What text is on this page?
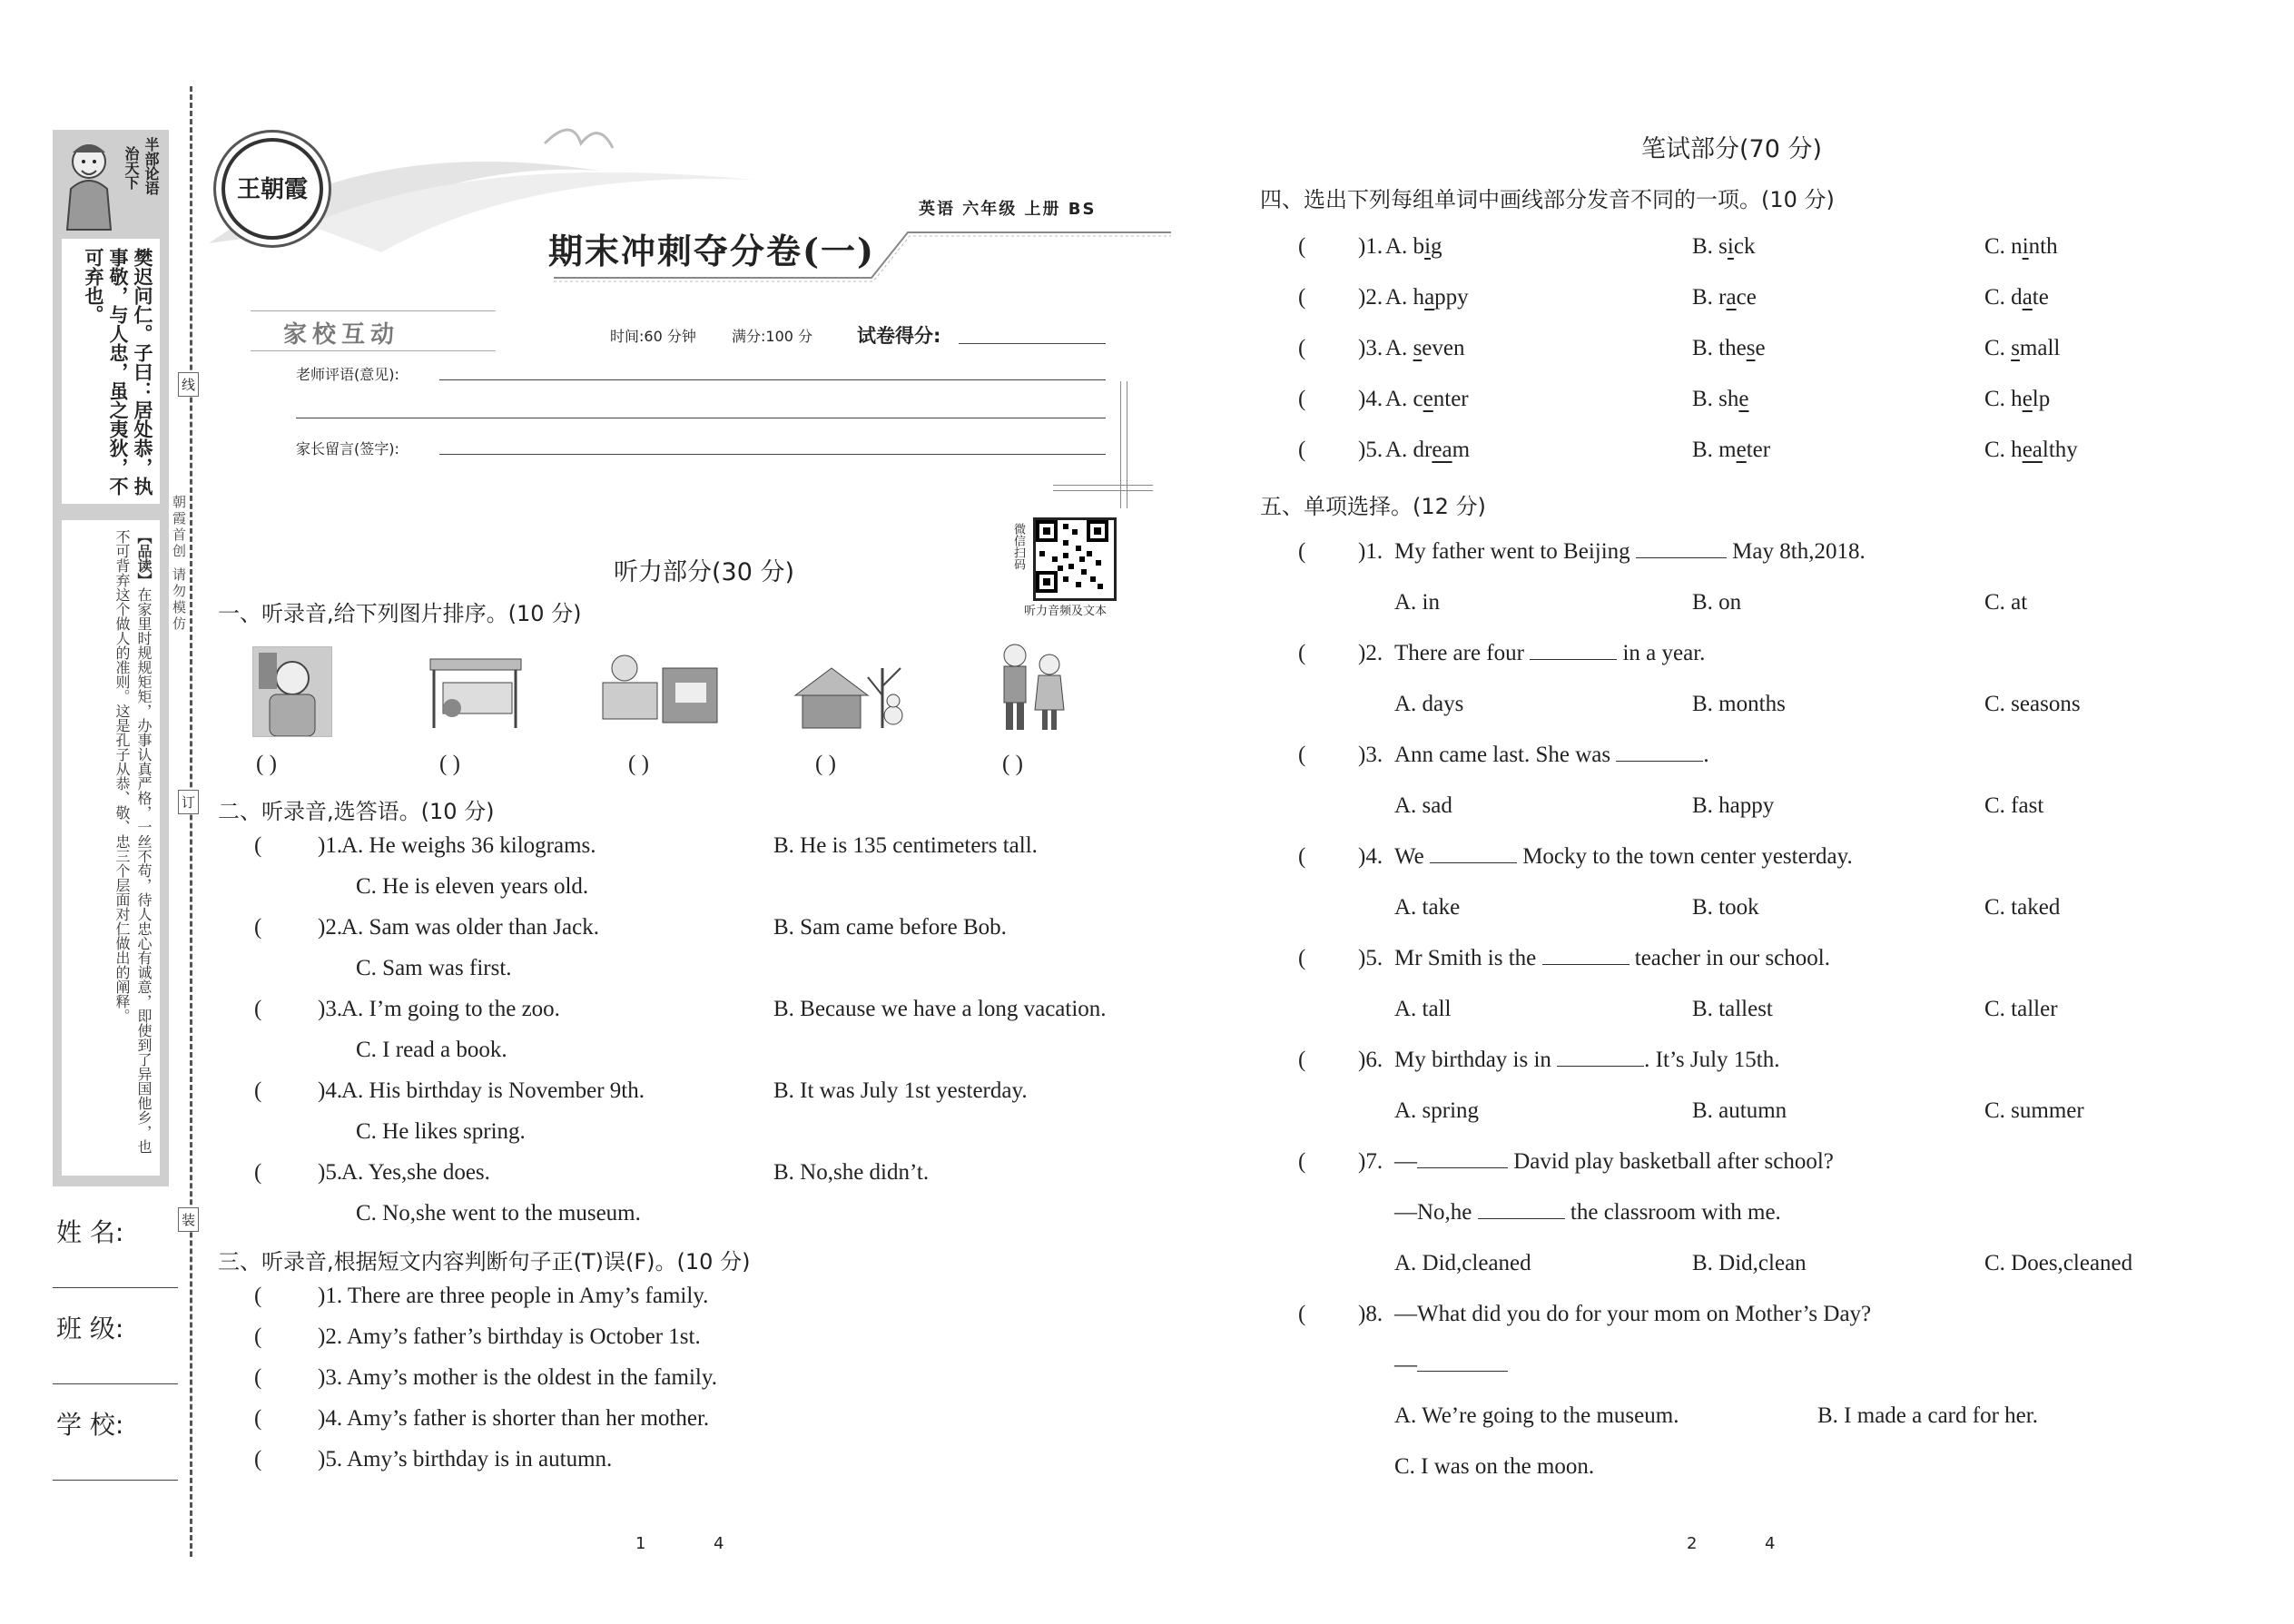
半部论语
治天下
樊迟问仁。子曰：居处恭，执事敬，与人忠，虽之夷狄，不可弃也。
【品读】在家里时规规矩矩，办事认真严格，一丝不苟，待人忠心有诚意，即使到了异国他乡，也不可背弃这个做人的准则。这是孔子从恭、敬、忠三个层面对仁做出的阐释。	朝霞首创 请勿模仿
线
订
装
姓 名:
班 级:
学 校:
王朝霞
英语 六年级 上册 BS
期末冲刺夺分卷(一)
家校互动	时间:60 分钟 满分:100 分 试卷得分:
老师评语(意见):
家长留言(签字):
微信扫码
听力音频及文本
听力部分(30 分)
一、听录音,给下列图片排序。(10 分)
( )	( )	( )	( )	( )
二、听录音,选答语。(10 分)
( )1.
A. He weighs 36 kilograms.	B. He is 135 centimeters tall.
C. He is eleven years old.
( )2.
A. Sam was older than Jack.	B. Sam came before Bob.
C. Sam was first.
( )3.
A. I’m going to the zoo.	B. Because we have a long vacation.
C. I read a book.
( )4.
A. His birthday is November 9th.	B. It was July 1st yesterday.
C. He likes spring.
( )5.
A. Yes,she does.	B. No,she didn’t.
C. No,she went to the museum.
三、听录音,根据短文内容判断句子正(T)误(F)。(10 分)
( )1. There are three people in Amy’s family.
( )2. Amy’s father’s birthday is October 1st.
( )3. Amy’s mother is the oldest in the family.
( )4. Amy’s father is shorter than her mother.
( )5. Amy’s birthday is in autumn.
笔试部分(70 分)
四、选出下列每组单词中画线部分发音不同的一项。(10 分)
( )1. A. big	B. sick	C. ninth
( )2. A. happy	B. race	C. date
( )3. A. seven	B. these	C. small
( )4. A. center	B. she	C. help
( )5. A. dream	B. meter	C. healthy
五、单项选择。(12 分)
( )1. My father went to Beijing	May 8th,2018.
A. in	B. on	C. at
( )2. There are four	in a year.
A. days	B. months	C. seasons
( )3. Ann came last. She was	.
A. sad	B. happy	C. fast
( )4. We	Mocky to the town center yesterday.
A. take	B. took	C. taked
( )5. Mr Smith is the	teacher in our school.
A. tall	B. tallest	C. taller
( )6. My birthday is in	. It’s July 15th.
A. spring	B. autumn	C. summer
( )7. —	David play basketball after school?
—No,he	the classroom with me.
A. Did,cleaned	B. Did,clean	C. Does,cleaned
( )8. —What did you do for your mom on Mother’s Day?
—
A. We’re going to the museum.	B. I made a card for her.
C. I was on the moon.
1	4	2	4
